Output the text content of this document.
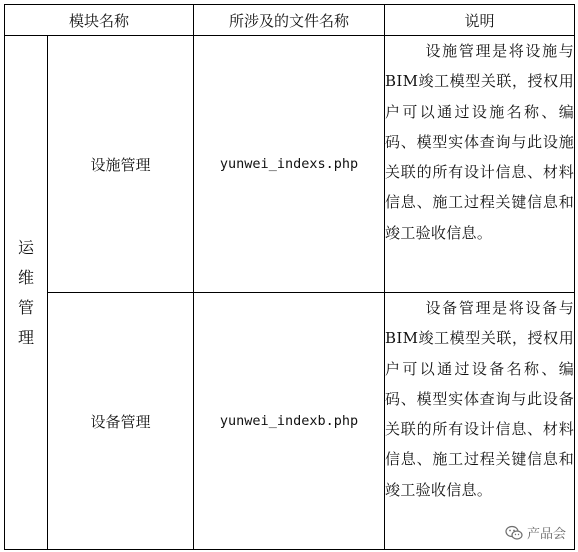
模块名称		所涉及的文件名称	说明

运
维
管
理	设施管理	yunwei_indexs.php	设施管理是将设施与BIM竣工模型关联，授权用户可以通过设施名称、编码、模型实体查询与此设施关联的所有设计信息、材料信息、施工过程关键信息和竣工验收信息。
	设备管理	yunwei_indexb.php	设备管理是将设备与BIM竣工模型关联，授权用户可以通过设备名称、编码、模型实体查询与此设备关联的所有设计信息、材料信息、施工过程关键信息和竣工验收信息。
产品会
